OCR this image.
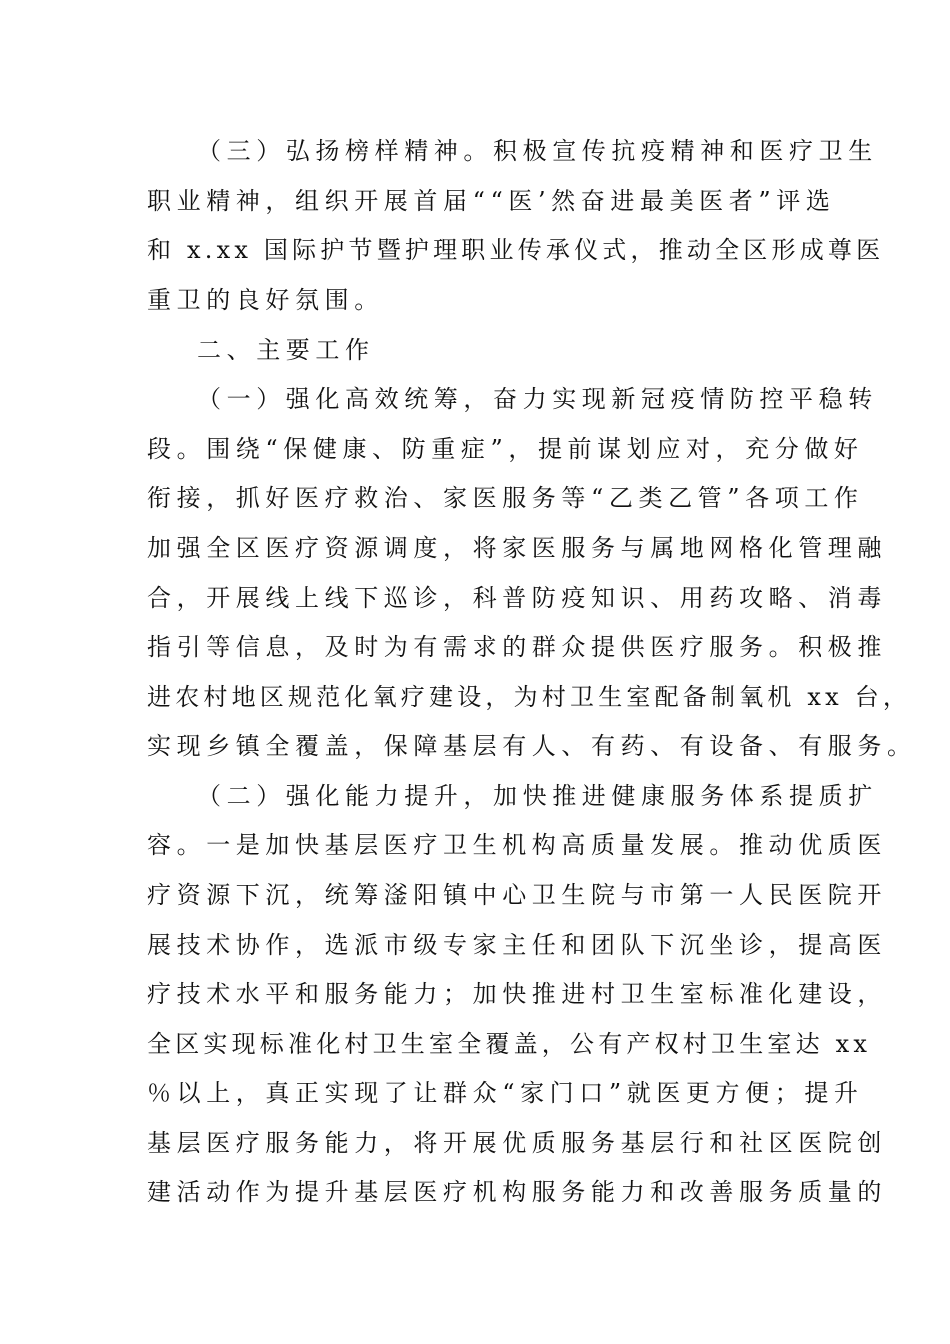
（三）弘扬榜样精神。积极宣传抗疫精神和医疗卫生
职业精神，组织开展首届““医’然奋进最美医者”评选
和 x.xx 国际护节暨护理职业传承仪式，推动全区形成尊医
重卫的良好氛围。
二、主要工作
（一）强化高效统筹，奋力实现新冠疫情防控平稳转
段。围绕“保健康、防重症”，提前谋划应对，充分做好
衔接，抓好医疗救治、家医服务等“乙类乙管”各项工作
加强全区医疗资源调度，将家医服务与属地网格化管理融
合，开展线上线下巡诊，科普防疫知识、用药攻略、消毒
指引等信息，及时为有需求的群众提供医疗服务。积极推
进农村地区规范化氧疗建设，为村卫生室配备制氧机 xx 台，
实现乡镇全覆盖，保障基层有人、有药、有设备、有服务。
（二）强化能力提升，加快推进健康服务体系提质扩
容。一是加快基层医疗卫生机构高质量发展。推动优质医
疗资源下沉，统筹滏阳镇中心卫生院与市第一人民医院开
展技术协作，选派市级专家主任和团队下沉坐诊，提高医
疗技术水平和服务能力；加快推进村卫生室标准化建设，
全区实现标准化村卫生室全覆盖，公有产权村卫生室达 xx
％以上，真正实现了让群众“家门口”就医更方便；提升
基层医疗服务能力，将开展优质服务基层行和社区医院创
建活动作为提升基层医疗机构服务能力和改善服务质量的
